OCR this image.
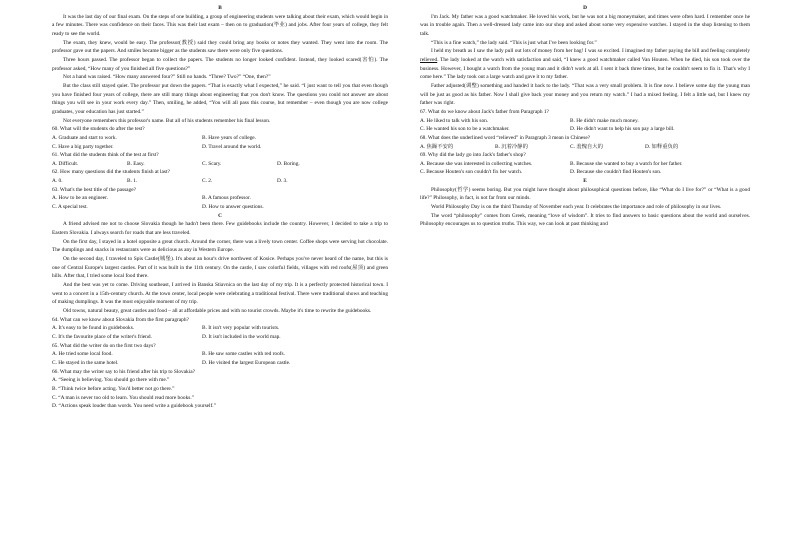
B

It was the last day of our final exam. On the steps of one building, a group of engineering students were talking about their exam, which would begin in a few minutes. There was confidence on their faces. This was their last exam – then on to graduation(毕业) and jobs. After four years of college, they felt ready to see the world.

The exam, they knew, would be easy. The professor(教授) said they could bring any books or notes they wanted. They went into the room. The professor gave out the papers. And smiles became bigger as the students saw there were only five questions.

Three hours passed. The professor began to collect the papers. The students no longer looked confident. Instead, they looked scared(害怕). The professor asked, “How many of you finished all five questions?”

Not a hand was raised. “How many answered four?” Still no hands. “Three? Two?” “One, then?”

But the class still stayed quiet. The professor put down the papers. “That is exactly what I expected,” he said. “I just want to tell you that even though you have finished four years of college, there are still many things about engineering that you don't know. The questions you could not answer are about things you will see in your work every day.” Then, smiling, he added, “You will all pass this course, but remember – even though you are now college graduates, your education has just started.”

Not everyone remembers this professor's name. But all of his students remember his final lesson.

60. What will the students do after the test?

A. Graduate and start to work.	B. Have years of college.
C. Have a big party together.	D. Travel around the world.

61. What did the students think of the test at first?

A. Difficult.	B. Easy.	C. Scary.	D. Boring.

62. How many questions did the students finish at last?

A. 0.	B. 1.	C. 2.	D. 3.

63. What's the best title of the passage?

A. How to be an engineer.	B. A famous professor.
C. A special test.	D. How to answer questions.
C

A friend advised me not to choose Slovakia though he hadn't been there. Few guidebooks include the country. However, I decided to take a trip to Eastern Slovakia. I always search for roads that are less traveled.

On the first day, I stayed in a hotel opposite a great church. Around the corner, there was a lively town center. Coffee shops were serving hot chocolate. The dumplings and snacks in restaurants were as delicious as any in Western Europe.

On the second day, I traveled to Spis Castle(城堡). It's about an hour's drive northwest of Kosice. Perhaps you've never heard of the name, but this is one of Central Europe's largest castles. Part of it was built in the 11th century. On the castle, I saw colorful fields, villages with red roofs(屋顶) and green hills. After that, I tried some local food there.

And the best was yet to come. Driving southeast, I arrived in Banska Stiavnica on the last day of my trip. It is a perfectly protected historical town. I went to a concert in a 15th-century church. At the town center, local people were celebrating a traditional festival. There were traditional shows and teaching of making dumplings. It was the most enjoyable moment of my trip.

Old towns, natural beauty, great castles and food – all at affordable prices and with no tourist crowds. Maybe it's time to rewrite the guidebooks.

64. What can we know about Slovakia from the first paragraph?

A. It's easy to be found in guidebooks.	B. It isn't very popular with tourists.
C. It's the favourite place of the writer's friend.	D. It isn't included in the world map.

65. What did the writer do on the first two days?

A. He tried some local food.	B. He saw some castles with red roofs.
C. He stayed in the same hotel.	D. He visited the largest European castle.

66. What may the writer say to his friend after his trip to Slovakia?

A. “Seeing is believing. You should go there with me.”

B. “Think twice before acting. You'd better not go there.”

C. “A man is never too old to learn. You should read more books.”

D. “Actions speak louder than words. You need write a guidebook yourself.”

D

I'm Jack. My father was a good watchmaker. He loved his work, but he was not a big moneymaker, and times were often hard. I remember once he was in trouble again. Then a well-dressed lady came into our shop and asked about some very expensive watches. I stayed in the shop listening to them talk.

“This is a fine watch,” the lady said. “This is just what I've been looking for.”

I held my breath as I saw the lady pull out lots of money from her bag! I was so excited. I imagined my father paying the bill and feeling completely relieved. The lady looked at the watch with satisfaction and said, “I knew a good watchmaker called Van Houten. When he died, his son took over the business. However, I bought a watch from the young man and it didn't work at all. I sent it back three times, but he couldn't seem to fix it. That's why I come here.” The lady took out a large watch and gave it to my father.

Father adjusted(调整) something and handed it back to the lady. “That was a very small problem. It is fine now. I believe some day the young man will be just as good as his father. Now I shall give back your money and you return my watch.” I had a mixed feeling. I felt a little sad, but I knew my father was right.

67. What do we know about Jack's father from Paragraph 1?

A. He liked to talk with his son.	B. He didn't make much money.
C. He wanted his son to be a watchmaker.	D. He didn't want to help his son pay a large bill.

68. What does the underlined word “relieved” in Paragraph 3 mean in Chinese?

A. 焦躁不安的	B. 沉着冷静的	C. 羞愧自大的	D. 如释重负的

69. Why did the lady go into Jack's father's shop?

A. Because she was interested in collecting watches.	B. Because she wanted to buy a watch for her father.
C. Because Houten's son couldn't fix her watch.	D. Because she couldn't find Houten's son.
E

Philosophy(哲学) seems boring. But you might have thought about philosophical questions before, like “What do I live for?” or “What is a good life?” Philosophy, in fact, is not far from our minds.

World Philosophy Day is on the third Thursday of November each year. It celebrates the importance and role of philosophy in our lives.

The word “philosophy” comes from Greek, meaning “love of wisdom”. It tries to find answers to basic questions about the world and ourselves. Philosophy encourages us to question truths. This way, we can look at past thinking and
